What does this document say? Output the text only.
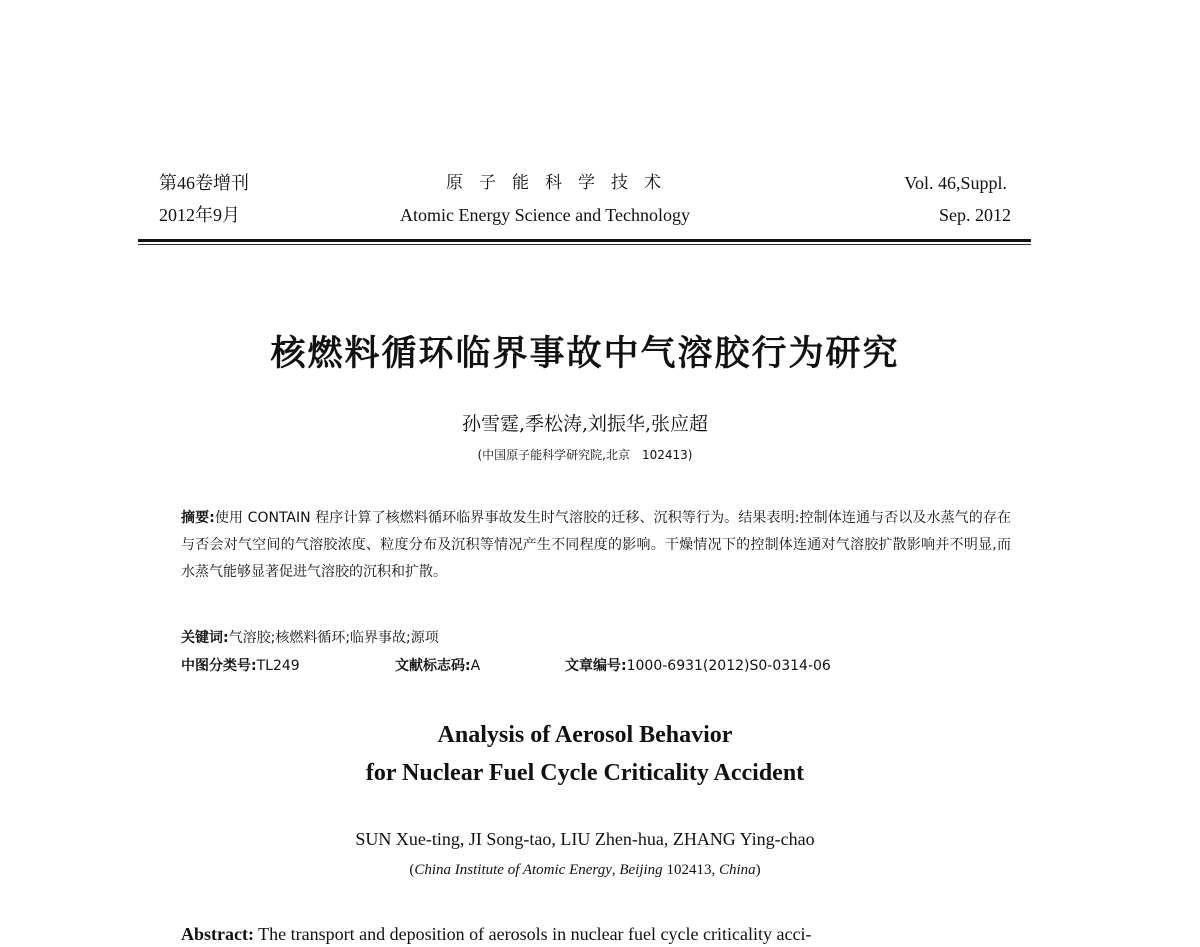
第46卷增刊
2012年9月
原子能科学技术
Atomic Energy Science and Technology
Vol. 46,Suppl.
Sep. 2012
核燃料循环临界事故中气溶胶行为研究
孙雪霆,季松涛,刘振华,张应超
(中国原子能科学研究院,北京　102413)
摘要:使用 CONTAIN 程序计算了核燃料循环临界事故发生时气溶胶的迁移、沉积等行为。结果表明:控制体连通与否以及水蒸气的存在与否会对气空间的气溶胶浓度、粒度分布及沉积等情况产生不同程度的影响。干燥情况下的控制体连通对气溶胶扩散影响并不明显,而水蒸气能够显著促进气溶胶的沉积和扩散。
关键词:气溶胶;核燃料循环;临界事故;源项
中图分类号:TL249	文献标志码:A	文章编号:1000-6931(2012)S0-0314-06
Analysis of Aerosol Behavior
for Nuclear Fuel Cycle Criticality Accident
SUN Xue-ting, JI Song-tao, LIU Zhen-hua, ZHANG Ying-chao
(China Institute of Atomic Energy, Beijing 102413, China)
Abstract: The transport and deposition of aerosols in nuclear fuel cycle criticality acci-
